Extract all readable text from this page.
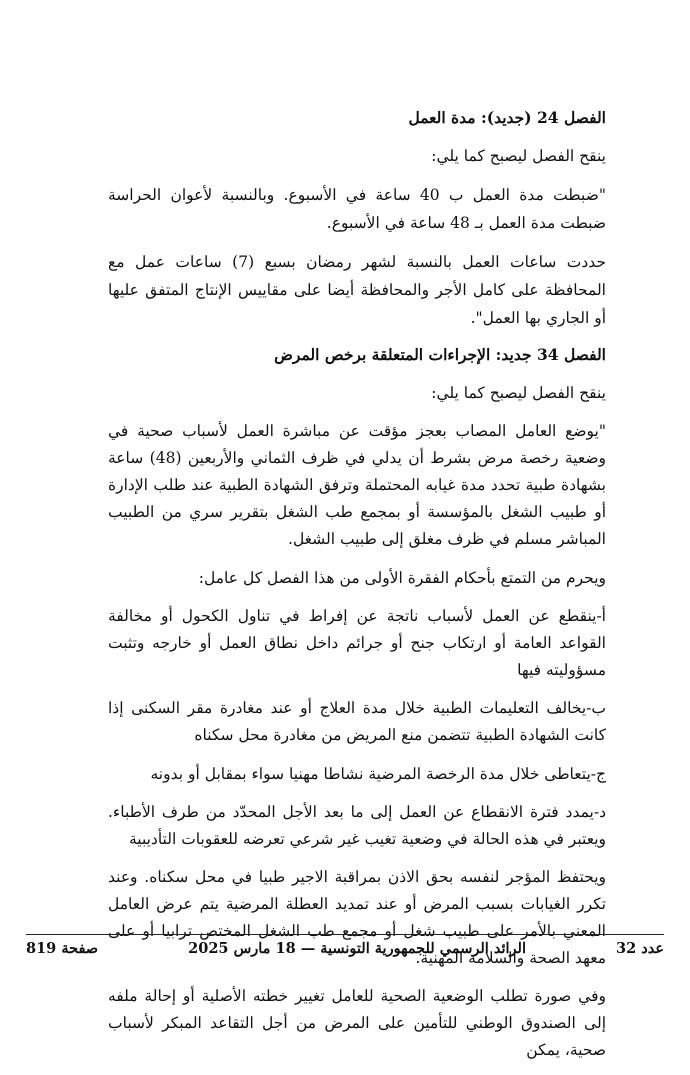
الفصل 24 (جديد): مدة العمل

ينقح الفصل ليصبح كما يلي:

"ضبطت مدة العمل ب 40 ساعة في الأسبوع. وبالنسبة لأعوان الحراسة ضبطت مدة العمل بـ 48 ساعة في الأسبوع.

حددت ساعات العمل بالنسبة لشهر رمضان بسبع (7) ساعات عمل مع المحافظة على كامل الأجر والمحافظة أيضا على مقاييس الإنتاج المتفق عليها أو الجاري بها العمل".

الفصل 34 جديد: الإجراءات المتعلقة برخص المرض

ينقح الفصل ليصبح كما يلي:

"يوضع العامل المصاب بعجز مؤقت عن مباشرة العمل لأسباب صحية في وضعية رخصة مرض بشرط أن يدلي في ظرف الثماني والأربعين (48) ساعة بشهادة طبية تحدد مدة غيابه المحتملة وترفق الشهادة الطبية عند طلب الإدارة أو طبيب الشغل بالمؤسسة أو بمجمع طب الشغل بتقرير سري من الطبيب المباشر مسلم في ظرف مغلق إلى طبيب الشغل.

ويحرم من التمتع بأحكام الفقرة الأولى من هذا الفصل كل عامل:

أ-ينقطع عن العمل لأسباب ناتجة عن إفراط في تناول الكحول أو مخالفة القواعد العامة أو ارتكاب جنح أو جرائم داخل نطاق العمل أو خارجه وتثبت مسؤوليته فيها

ب-يخالف التعليمات الطبية خلال مدة العلاج أو عند مغادرة مقر السكنى إذا كانت الشهادة الطبية تتضمن منع المريض من مغادرة محل سكناه

ج-يتعاطى خلال مدة الرخصة المرضية نشاطا مهنيا سواء بمقابل أو بدونه

د-يمدد فترة الانقطاع عن العمل إلى ما بعد الأجل المحدّد من طرف الأطباء. ويعتبر في هذه الحالة في وضعية تغيب غير شرعي تعرضه للعقوبات التأديبية

ويحتفظ المؤجر لنفسه بحق الاذن بمراقبة الاجير طبيا في محل سكناه. وعند تكرر الغيابات بسبب المرض أو عند تمديد العطلة المرضية يتم عرض العامل المعني بالأمر على طبيب شغل أو مجمع طب الشغل المختص ترابيا أو على معهد الصحة والسلامة المهنية.

وفي صورة تطلب الوضعية الصحية للعامل تغيير خطته الأصلية أو إحالة ملفه إلى الصندوق الوطني للتأمين على المرض من أجل التقاعد المبكر لأسباب صحية، يمكن

عدد 32
الرائد الرسمي للجمهورية التونسية — 18 مارس 2025
صفحة 819
